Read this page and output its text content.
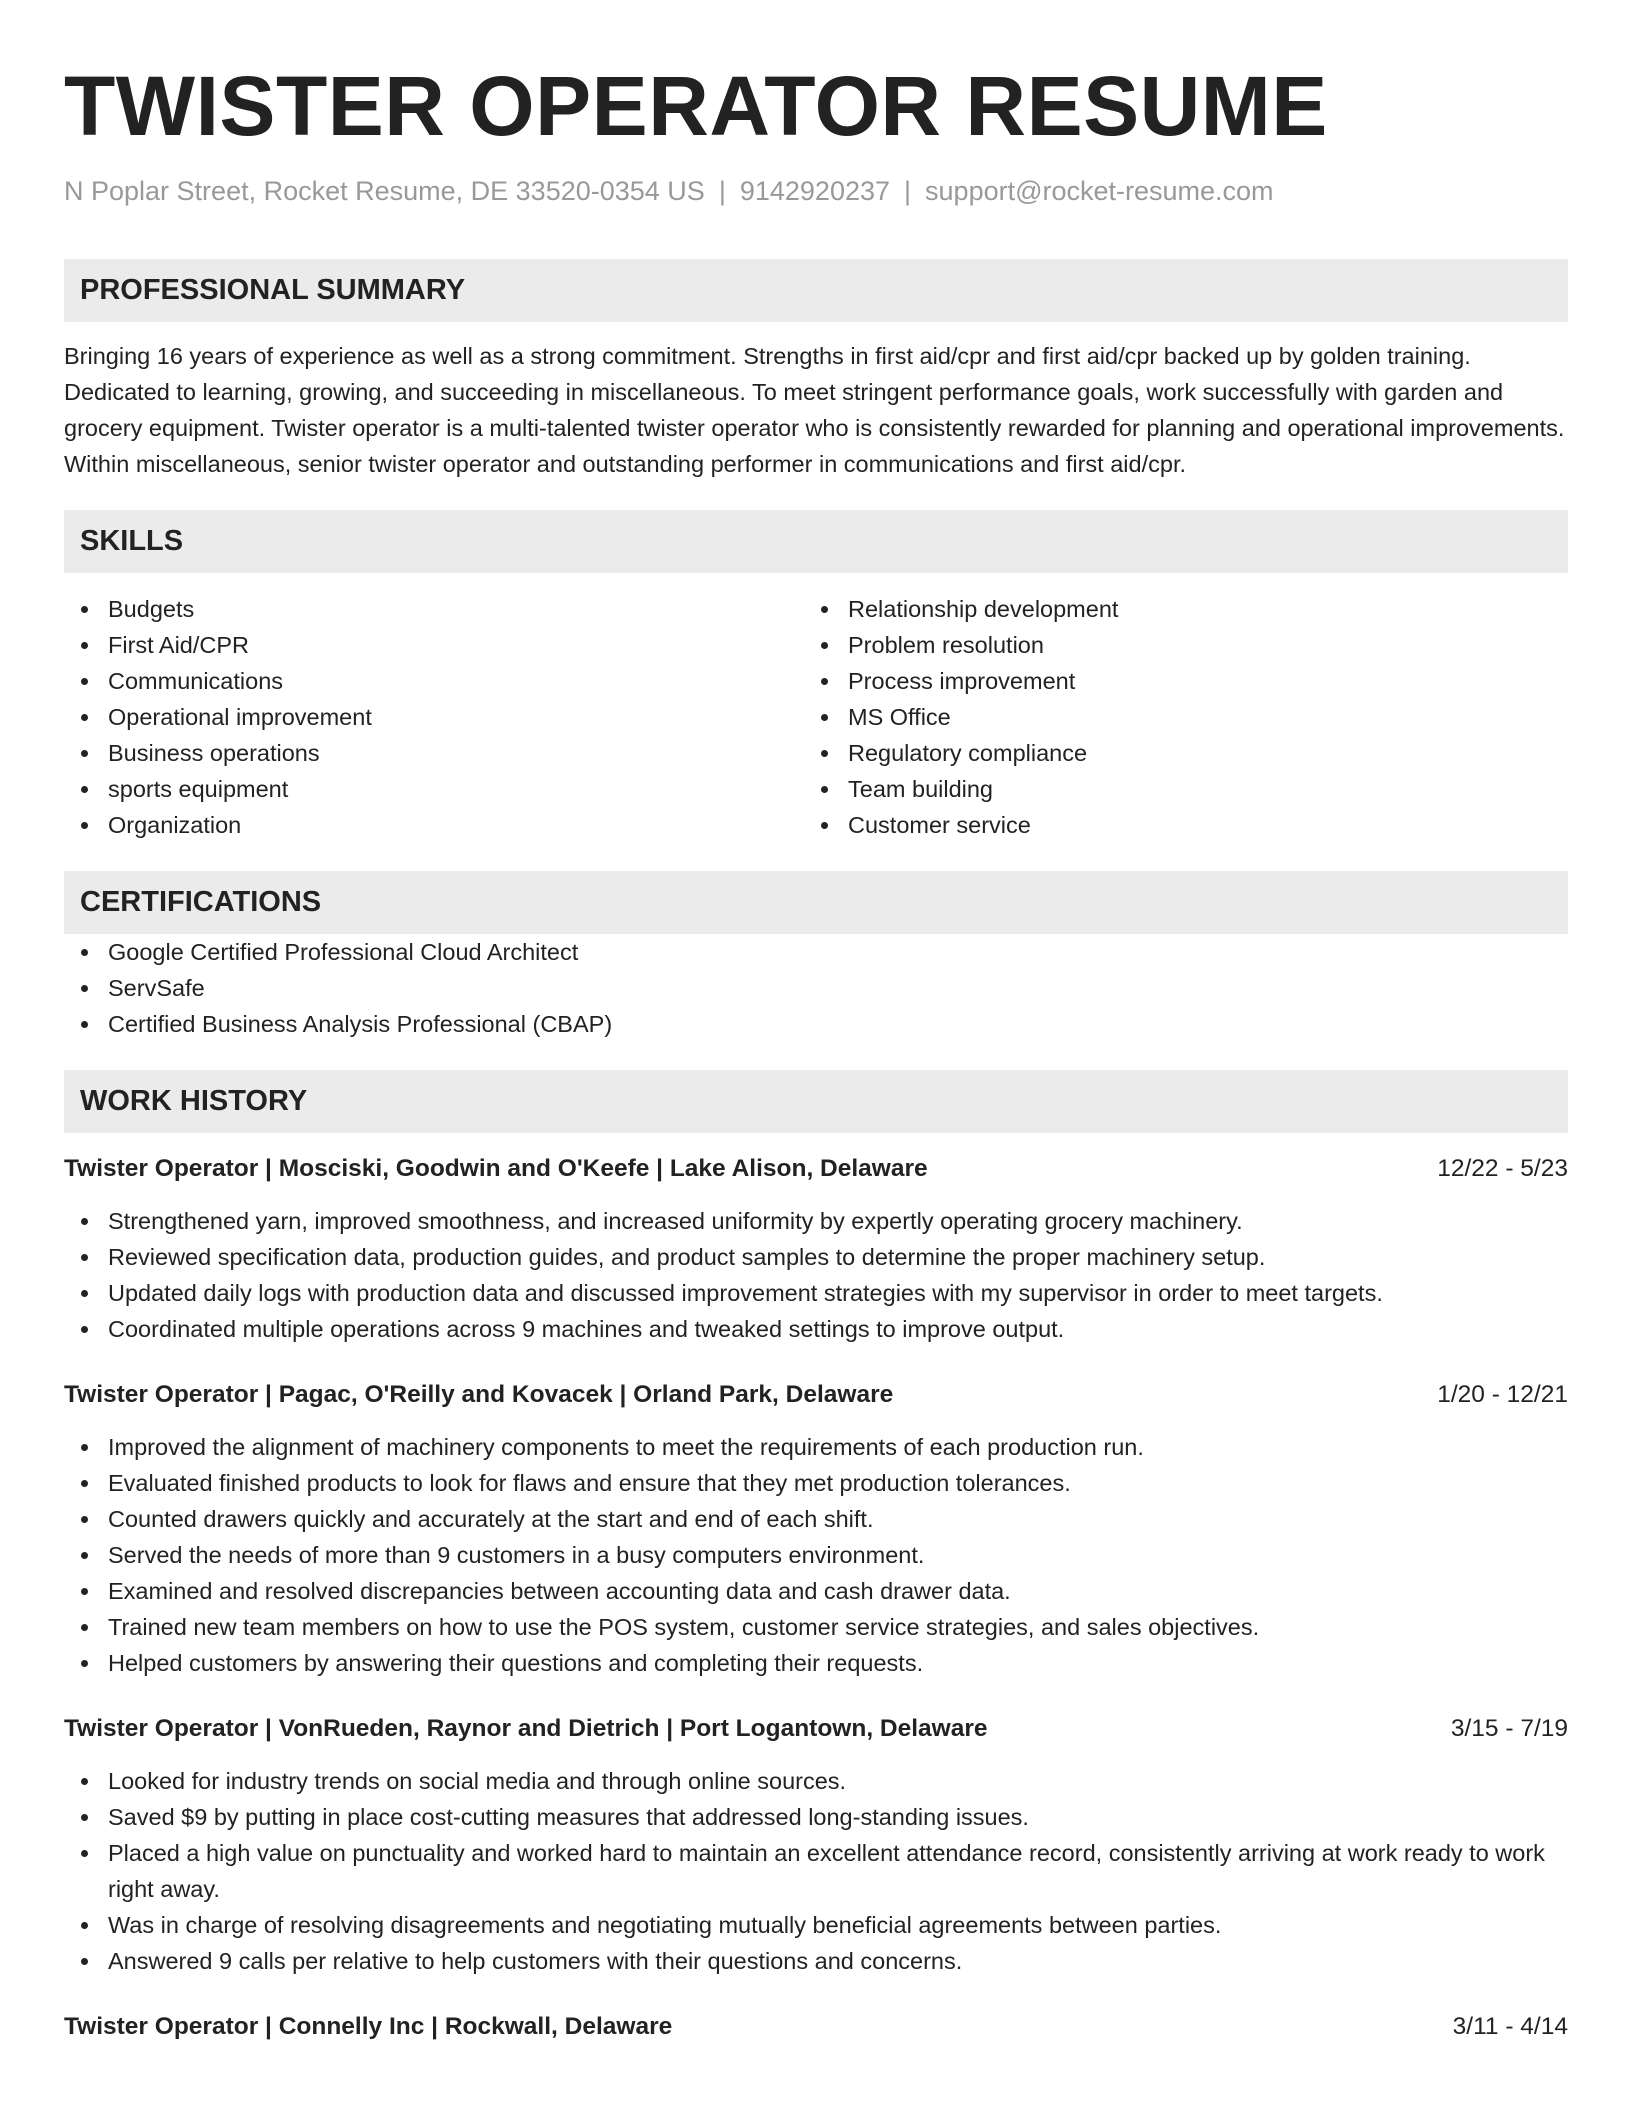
TWISTER OPERATOR RESUME
N Poplar Street, Rocket Resume, DE 33520-0354 US | 9142920237 | support@rocket-resume.com
PROFESSIONAL SUMMARY

Bringing 16 years of experience as well as a strong commitment. Strengths in first aid/cpr and first aid/cpr backed up by golden training. Dedicated to learning, growing, and succeeding in miscellaneous. To meet stringent performance goals, work successfully with garden and grocery equipment. Twister operator is a multi-talented twister operator who is consistently rewarded for planning and operational improvements. Within miscellaneous, senior twister operator and outstanding performer in communications and first aid/cpr.

SKILLS
Budgets
First Aid/CPR
Communications
Operational improvement
Business operations
sports equipment
Organization
Relationship development
Problem resolution
Process improvement
MS Office
Regulatory compliance
Team building
Customer service
CERTIFICATIONS
Google Certified Professional Cloud Architect
ServSafe
Certified Business Analysis Professional (CBAP)
WORK HISTORY
Twister Operator | Mosciski, Goodwin and O'Keefe | Lake Alison, Delaware	12/22 - 5/23
Strengthened yarn, improved smoothness, and increased uniformity by expertly operating grocery machinery.
Reviewed specification data, production guides, and product samples to determine the proper machinery setup.
Updated daily logs with production data and discussed improvement strategies with my supervisor in order to meet targets.
Coordinated multiple operations across 9 machines and tweaked settings to improve output.
Twister Operator | Pagac, O'Reilly and Kovacek | Orland Park, Delaware	1/20 - 12/21
Improved the alignment of machinery components to meet the requirements of each production run.
Evaluated finished products to look for flaws and ensure that they met production tolerances.
Counted drawers quickly and accurately at the start and end of each shift.
Served the needs of more than 9 customers in a busy computers environment.
Examined and resolved discrepancies between accounting data and cash drawer data.
Trained new team members on how to use the POS system, customer service strategies, and sales objectives.
Helped customers by answering their questions and completing their requests.
Twister Operator | VonRueden, Raynor and Dietrich | Port Logantown, Delaware	3/15 - 7/19
Looked for industry trends on social media and through online sources.
Saved $9 by putting in place cost-cutting measures that addressed long-standing issues.
Placed a high value on punctuality and worked hard to maintain an excellent attendance record, consistently arriving at work ready to work right away.
Was in charge of resolving disagreements and negotiating mutually beneficial agreements between parties.
Answered 9 calls per relative to help customers with their questions and concerns.
Twister Operator | Connelly Inc | Rockwall, Delaware	3/11 - 4/14
